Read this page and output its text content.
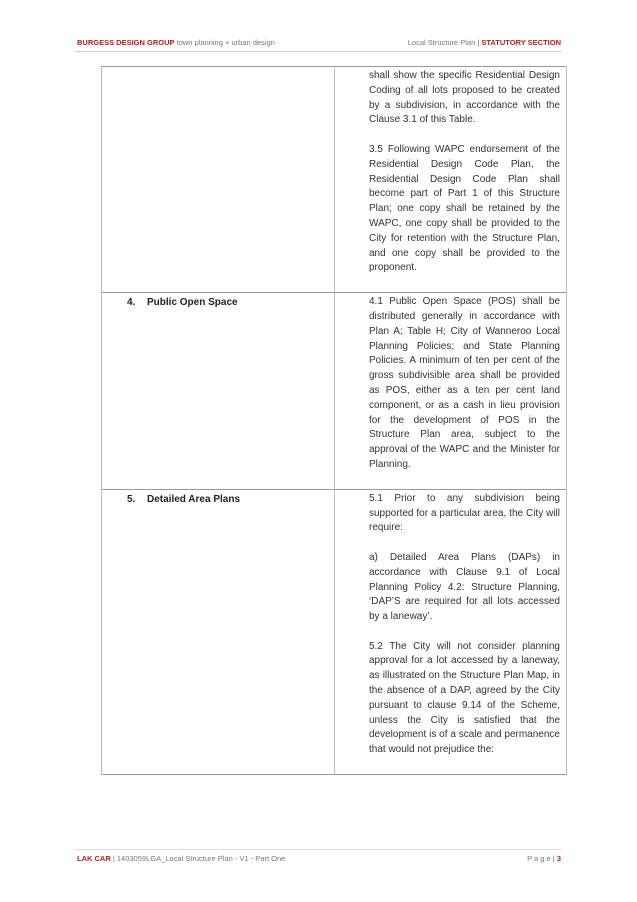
BURGESS DESIGN GROUP town planning + urban design	Local Structure Plan | STATUTORY SECTION

	shall show the specific Residential Design Coding of all lots proposed to be created by a subdivision, in accordance with the Clause 3.1 of this Table.

3.5 Following WAPC endorsement of the Residential Design Code Plan, the Residential Design Code Plan shall become part of Part 1 of this Structure Plan; one copy shall be retained by the WAPC, one copy shall be provided to the City for retention with the Structure Plan, and one copy shall be provided to the proponent.

4. Public Open Space	4.1 Public Open Space (POS) shall be distributed generally in accordance with Plan A; Table H; City of Wanneroo Local Planning Policies; and State Planning Policies. A minimum of ten per cent of the gross subdivisible area shall be provided as POS, either as a ten per cent land component, or as a cash in lieu provision for the development of POS in the Structure Plan area, subject to the approval of the WAPC and the Minister for Planning.

5. Detailed Area Plans	5.1 Prior to any subdivision being supported for a particular area, the City will require:

a) Detailed Area Plans (DAPs) in accordance with Clause 9.1 of Local Planning Policy 4.2: Structure Planning, ‘DAP’S are required for all lots accessed by a laneway’.

5.2 The City will not consider planning approval for a lot accessed by a laneway, as illustrated on the Structure Plan Map, in the absence of a DAP, agreed by the City pursuant to clause 9.14 of the Scheme, unless the City is satisfied that the development is of a scale and permanence that would not prejudice the:

LAK CAR | 1403059LGA_Local Structure Plan - V1 - Part One	P a g e | 3
